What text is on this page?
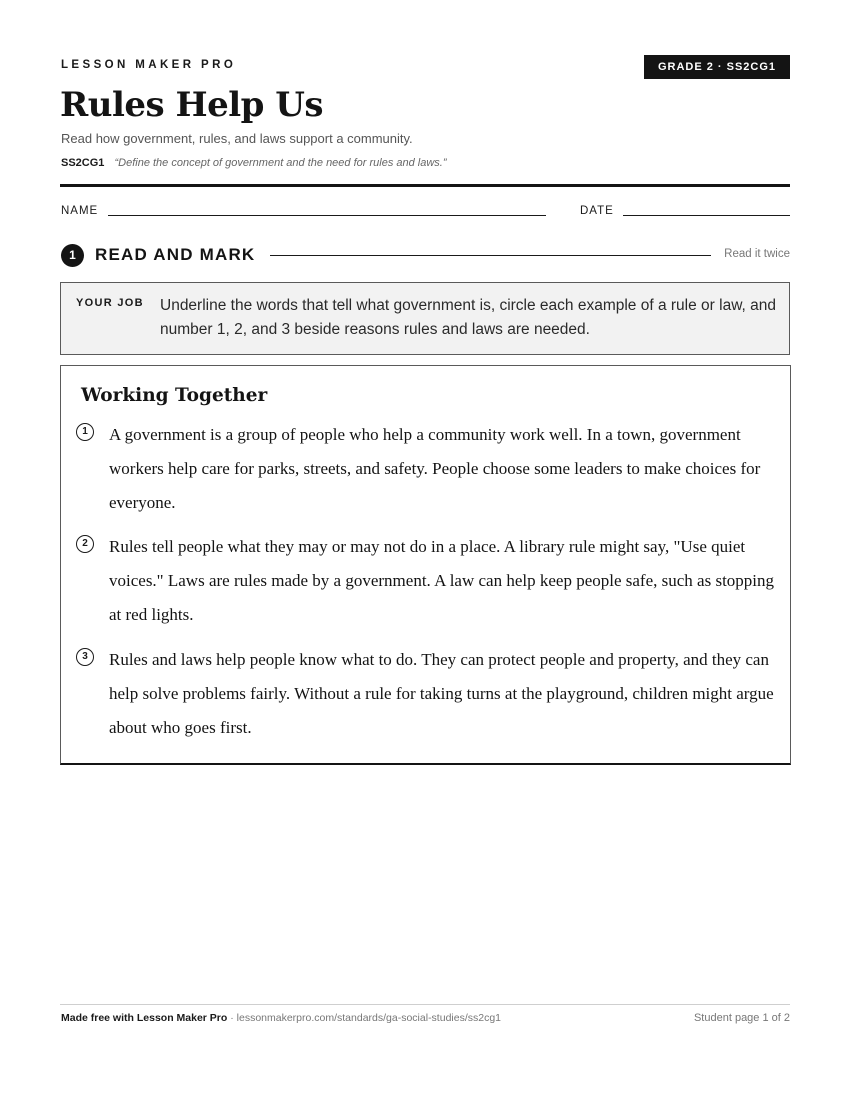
LESSON MAKER PRO	GRADE 2 · SS2CG1
Rules Help Us
Read how government, rules, and laws support a community.
SS2CG1 “Define the concept of government and the need for rules and laws.”
NAME	DATE
1	READ AND MARK	Read it twice
YOUR JOB Underline the words that tell what government is, circle each example of a rule or law, and number 1, 2, and 3 beside reasons rules and laws are needed.
Working Together
1	A government is a group of people who help a community work well. In a town, government workers help care for parks, streets, and safety. People choose some leaders to make choices for everyone.
2	Rules tell people what they may or may not do in a place. A library rule might say, "Use quiet voices." Laws are rules made by a government. A law can help keep people safe, such as stopping at red lights.
3	Rules and laws help people know what to do. They can protect people and property, and they can help solve problems fairly. Without a rule for taking turns at the playground, children might argue about who goes first.
Made free with Lesson Maker Pro · lessonmakerpro.com/standards/ga-social-studies/ss2cg1	Student page 1 of 2
